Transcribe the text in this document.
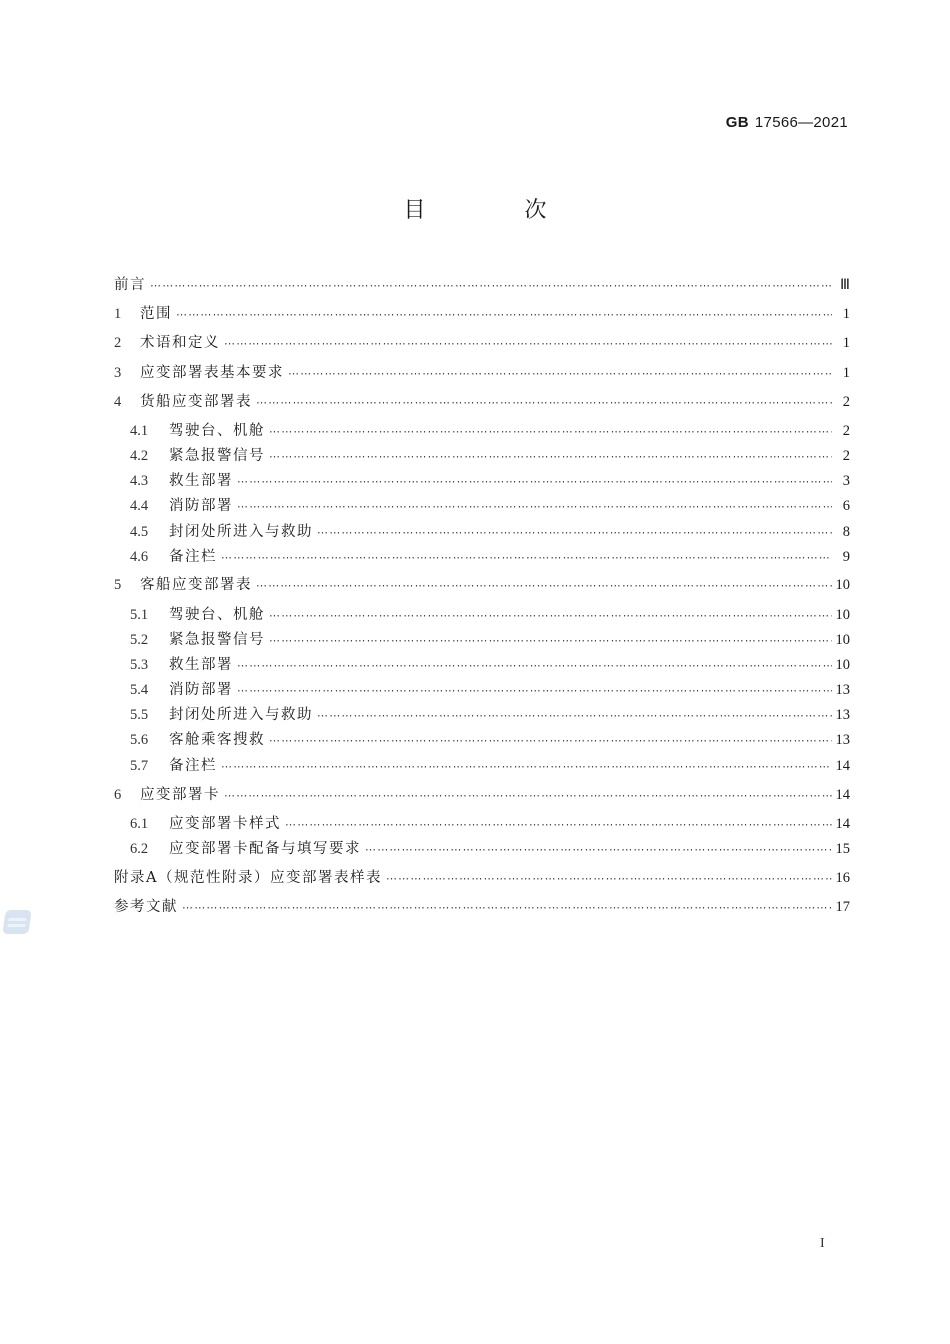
GB 17566—2021
目 次
前言 ⋯⋯⋯⋯⋯⋯⋯⋯⋯⋯⋯⋯⋯⋯⋯⋯⋯⋯⋯⋯⋯⋯⋯⋯⋯⋯⋯⋯⋯⋯⋯⋯⋯⋯⋯⋯⋯⋯⋯⋯⋯⋯⋯⋯⋯⋯⋯⋯⋯⋯⋯⋯⋯⋯⋯⋯⋯⋯⋯⋯⋯⋯⋯⋯⋯⋯⋯⋯⋯⋯⋯⋯⋯⋯⋯⋯⋯⋯⋯⋯⋯⋯⋯⋯⋯⋯⋯⋯⋯⋯⋯⋯⋯⋯⋯⋯⋯⋯⋯⋯⋯⋯⋯⋯⋯⋯⋯⋯⋯⋯	Ⅲ
1	范围 ⋯⋯⋯⋯⋯⋯⋯⋯⋯⋯⋯⋯⋯⋯⋯⋯⋯⋯⋯⋯⋯⋯⋯⋯⋯⋯⋯⋯⋯⋯⋯⋯⋯⋯⋯⋯⋯⋯⋯⋯⋯⋯⋯⋯⋯⋯⋯⋯⋯⋯⋯⋯⋯⋯⋯⋯⋯⋯⋯⋯⋯⋯⋯⋯⋯⋯⋯⋯⋯⋯⋯⋯⋯⋯⋯⋯⋯⋯⋯⋯⋯⋯⋯⋯⋯⋯⋯⋯⋯⋯⋯⋯⋯⋯⋯⋯⋯⋯⋯⋯⋯⋯⋯⋯⋯⋯⋯⋯⋯⋯	1
2	术语和定义 ⋯⋯⋯⋯⋯⋯⋯⋯⋯⋯⋯⋯⋯⋯⋯⋯⋯⋯⋯⋯⋯⋯⋯⋯⋯⋯⋯⋯⋯⋯⋯⋯⋯⋯⋯⋯⋯⋯⋯⋯⋯⋯⋯⋯⋯⋯⋯⋯⋯⋯⋯⋯⋯⋯⋯⋯⋯⋯⋯⋯⋯⋯⋯⋯⋯⋯⋯⋯⋯⋯⋯⋯⋯⋯⋯⋯⋯⋯⋯⋯⋯⋯⋯⋯⋯⋯⋯⋯⋯⋯⋯⋯⋯⋯⋯⋯⋯⋯⋯⋯⋯⋯⋯⋯⋯⋯⋯⋯⋯⋯	1
3	应变部署表基本要求 ⋯⋯⋯⋯⋯⋯⋯⋯⋯⋯⋯⋯⋯⋯⋯⋯⋯⋯⋯⋯⋯⋯⋯⋯⋯⋯⋯⋯⋯⋯⋯⋯⋯⋯⋯⋯⋯⋯⋯⋯⋯⋯⋯⋯⋯⋯⋯⋯⋯⋯⋯⋯⋯⋯⋯⋯⋯⋯⋯⋯⋯⋯⋯⋯⋯⋯⋯⋯⋯⋯⋯⋯⋯⋯⋯⋯⋯⋯⋯⋯⋯⋯⋯⋯⋯⋯⋯⋯⋯⋯⋯⋯⋯⋯⋯⋯⋯⋯⋯⋯⋯⋯⋯⋯⋯⋯⋯⋯⋯⋯	1
4	货船应变部署表 ⋯⋯⋯⋯⋯⋯⋯⋯⋯⋯⋯⋯⋯⋯⋯⋯⋯⋯⋯⋯⋯⋯⋯⋯⋯⋯⋯⋯⋯⋯⋯⋯⋯⋯⋯⋯⋯⋯⋯⋯⋯⋯⋯⋯⋯⋯⋯⋯⋯⋯⋯⋯⋯⋯⋯⋯⋯⋯⋯⋯⋯⋯⋯⋯⋯⋯⋯⋯⋯⋯⋯⋯⋯⋯⋯⋯⋯⋯⋯⋯⋯⋯⋯⋯⋯⋯⋯⋯⋯⋯⋯⋯⋯⋯⋯⋯⋯⋯⋯⋯⋯⋯⋯⋯⋯⋯⋯⋯⋯⋯	2
4.1	驾驶台、机舱 ⋯⋯⋯⋯⋯⋯⋯⋯⋯⋯⋯⋯⋯⋯⋯⋯⋯⋯⋯⋯⋯⋯⋯⋯⋯⋯⋯⋯⋯⋯⋯⋯⋯⋯⋯⋯⋯⋯⋯⋯⋯⋯⋯⋯⋯⋯⋯⋯⋯⋯⋯⋯⋯⋯⋯⋯⋯⋯⋯⋯⋯⋯⋯⋯⋯⋯⋯⋯⋯⋯⋯⋯⋯⋯⋯⋯⋯⋯⋯⋯⋯⋯⋯⋯⋯⋯⋯⋯⋯⋯⋯⋯⋯⋯⋯⋯⋯⋯⋯⋯⋯⋯⋯⋯⋯⋯⋯⋯⋯⋯	2
4.2	紧急报警信号 ⋯⋯⋯⋯⋯⋯⋯⋯⋯⋯⋯⋯⋯⋯⋯⋯⋯⋯⋯⋯⋯⋯⋯⋯⋯⋯⋯⋯⋯⋯⋯⋯⋯⋯⋯⋯⋯⋯⋯⋯⋯⋯⋯⋯⋯⋯⋯⋯⋯⋯⋯⋯⋯⋯⋯⋯⋯⋯⋯⋯⋯⋯⋯⋯⋯⋯⋯⋯⋯⋯⋯⋯⋯⋯⋯⋯⋯⋯⋯⋯⋯⋯⋯⋯⋯⋯⋯⋯⋯⋯⋯⋯⋯⋯⋯⋯⋯⋯⋯⋯⋯⋯⋯⋯⋯⋯⋯⋯⋯⋯	2
4.3	救生部署 ⋯⋯⋯⋯⋯⋯⋯⋯⋯⋯⋯⋯⋯⋯⋯⋯⋯⋯⋯⋯⋯⋯⋯⋯⋯⋯⋯⋯⋯⋯⋯⋯⋯⋯⋯⋯⋯⋯⋯⋯⋯⋯⋯⋯⋯⋯⋯⋯⋯⋯⋯⋯⋯⋯⋯⋯⋯⋯⋯⋯⋯⋯⋯⋯⋯⋯⋯⋯⋯⋯⋯⋯⋯⋯⋯⋯⋯⋯⋯⋯⋯⋯⋯⋯⋯⋯⋯⋯⋯⋯⋯⋯⋯⋯⋯⋯⋯⋯⋯⋯⋯⋯⋯⋯⋯⋯⋯⋯⋯⋯	3
4.4	消防部署 ⋯⋯⋯⋯⋯⋯⋯⋯⋯⋯⋯⋯⋯⋯⋯⋯⋯⋯⋯⋯⋯⋯⋯⋯⋯⋯⋯⋯⋯⋯⋯⋯⋯⋯⋯⋯⋯⋯⋯⋯⋯⋯⋯⋯⋯⋯⋯⋯⋯⋯⋯⋯⋯⋯⋯⋯⋯⋯⋯⋯⋯⋯⋯⋯⋯⋯⋯⋯⋯⋯⋯⋯⋯⋯⋯⋯⋯⋯⋯⋯⋯⋯⋯⋯⋯⋯⋯⋯⋯⋯⋯⋯⋯⋯⋯⋯⋯⋯⋯⋯⋯⋯⋯⋯⋯⋯⋯⋯⋯⋯	6
4.5	封闭处所进入与救助 ⋯⋯⋯⋯⋯⋯⋯⋯⋯⋯⋯⋯⋯⋯⋯⋯⋯⋯⋯⋯⋯⋯⋯⋯⋯⋯⋯⋯⋯⋯⋯⋯⋯⋯⋯⋯⋯⋯⋯⋯⋯⋯⋯⋯⋯⋯⋯⋯⋯⋯⋯⋯⋯⋯⋯⋯⋯⋯⋯⋯⋯⋯⋯⋯⋯⋯⋯⋯⋯⋯⋯⋯⋯⋯⋯⋯⋯⋯⋯⋯⋯⋯⋯⋯⋯⋯⋯⋯⋯⋯⋯⋯⋯⋯⋯⋯⋯⋯⋯⋯⋯⋯⋯⋯⋯⋯⋯⋯⋯⋯	8
4.6	备注栏 ⋯⋯⋯⋯⋯⋯⋯⋯⋯⋯⋯⋯⋯⋯⋯⋯⋯⋯⋯⋯⋯⋯⋯⋯⋯⋯⋯⋯⋯⋯⋯⋯⋯⋯⋯⋯⋯⋯⋯⋯⋯⋯⋯⋯⋯⋯⋯⋯⋯⋯⋯⋯⋯⋯⋯⋯⋯⋯⋯⋯⋯⋯⋯⋯⋯⋯⋯⋯⋯⋯⋯⋯⋯⋯⋯⋯⋯⋯⋯⋯⋯⋯⋯⋯⋯⋯⋯⋯⋯⋯⋯⋯⋯⋯⋯⋯⋯⋯⋯⋯⋯⋯⋯⋯⋯⋯⋯⋯⋯⋯	9
5	客船应变部署表 ⋯⋯⋯⋯⋯⋯⋯⋯⋯⋯⋯⋯⋯⋯⋯⋯⋯⋯⋯⋯⋯⋯⋯⋯⋯⋯⋯⋯⋯⋯⋯⋯⋯⋯⋯⋯⋯⋯⋯⋯⋯⋯⋯⋯⋯⋯⋯⋯⋯⋯⋯⋯⋯⋯⋯⋯⋯⋯⋯⋯⋯⋯⋯⋯⋯⋯⋯⋯⋯⋯⋯⋯⋯⋯⋯⋯⋯⋯⋯⋯⋯⋯⋯⋯⋯⋯⋯⋯⋯⋯⋯⋯⋯⋯⋯⋯⋯⋯⋯⋯⋯⋯⋯⋯⋯⋯⋯⋯⋯⋯	10
5.1	驾驶台、机舱 ⋯⋯⋯⋯⋯⋯⋯⋯⋯⋯⋯⋯⋯⋯⋯⋯⋯⋯⋯⋯⋯⋯⋯⋯⋯⋯⋯⋯⋯⋯⋯⋯⋯⋯⋯⋯⋯⋯⋯⋯⋯⋯⋯⋯⋯⋯⋯⋯⋯⋯⋯⋯⋯⋯⋯⋯⋯⋯⋯⋯⋯⋯⋯⋯⋯⋯⋯⋯⋯⋯⋯⋯⋯⋯⋯⋯⋯⋯⋯⋯⋯⋯⋯⋯⋯⋯⋯⋯⋯⋯⋯⋯⋯⋯⋯⋯⋯⋯⋯⋯⋯⋯⋯⋯⋯⋯⋯⋯⋯⋯	10
5.2	紧急报警信号 ⋯⋯⋯⋯⋯⋯⋯⋯⋯⋯⋯⋯⋯⋯⋯⋯⋯⋯⋯⋯⋯⋯⋯⋯⋯⋯⋯⋯⋯⋯⋯⋯⋯⋯⋯⋯⋯⋯⋯⋯⋯⋯⋯⋯⋯⋯⋯⋯⋯⋯⋯⋯⋯⋯⋯⋯⋯⋯⋯⋯⋯⋯⋯⋯⋯⋯⋯⋯⋯⋯⋯⋯⋯⋯⋯⋯⋯⋯⋯⋯⋯⋯⋯⋯⋯⋯⋯⋯⋯⋯⋯⋯⋯⋯⋯⋯⋯⋯⋯⋯⋯⋯⋯⋯⋯⋯⋯⋯⋯⋯	10
5.3	救生部署 ⋯⋯⋯⋯⋯⋯⋯⋯⋯⋯⋯⋯⋯⋯⋯⋯⋯⋯⋯⋯⋯⋯⋯⋯⋯⋯⋯⋯⋯⋯⋯⋯⋯⋯⋯⋯⋯⋯⋯⋯⋯⋯⋯⋯⋯⋯⋯⋯⋯⋯⋯⋯⋯⋯⋯⋯⋯⋯⋯⋯⋯⋯⋯⋯⋯⋯⋯⋯⋯⋯⋯⋯⋯⋯⋯⋯⋯⋯⋯⋯⋯⋯⋯⋯⋯⋯⋯⋯⋯⋯⋯⋯⋯⋯⋯⋯⋯⋯⋯⋯⋯⋯⋯⋯⋯⋯⋯⋯⋯⋯	10
5.4	消防部署 ⋯⋯⋯⋯⋯⋯⋯⋯⋯⋯⋯⋯⋯⋯⋯⋯⋯⋯⋯⋯⋯⋯⋯⋯⋯⋯⋯⋯⋯⋯⋯⋯⋯⋯⋯⋯⋯⋯⋯⋯⋯⋯⋯⋯⋯⋯⋯⋯⋯⋯⋯⋯⋯⋯⋯⋯⋯⋯⋯⋯⋯⋯⋯⋯⋯⋯⋯⋯⋯⋯⋯⋯⋯⋯⋯⋯⋯⋯⋯⋯⋯⋯⋯⋯⋯⋯⋯⋯⋯⋯⋯⋯⋯⋯⋯⋯⋯⋯⋯⋯⋯⋯⋯⋯⋯⋯⋯⋯⋯⋯	13
5.5	封闭处所进入与救助 ⋯⋯⋯⋯⋯⋯⋯⋯⋯⋯⋯⋯⋯⋯⋯⋯⋯⋯⋯⋯⋯⋯⋯⋯⋯⋯⋯⋯⋯⋯⋯⋯⋯⋯⋯⋯⋯⋯⋯⋯⋯⋯⋯⋯⋯⋯⋯⋯⋯⋯⋯⋯⋯⋯⋯⋯⋯⋯⋯⋯⋯⋯⋯⋯⋯⋯⋯⋯⋯⋯⋯⋯⋯⋯⋯⋯⋯⋯⋯⋯⋯⋯⋯⋯⋯⋯⋯⋯⋯⋯⋯⋯⋯⋯⋯⋯⋯⋯⋯⋯⋯⋯⋯⋯⋯⋯⋯⋯⋯⋯	13
5.6	客舱乘客搜救 ⋯⋯⋯⋯⋯⋯⋯⋯⋯⋯⋯⋯⋯⋯⋯⋯⋯⋯⋯⋯⋯⋯⋯⋯⋯⋯⋯⋯⋯⋯⋯⋯⋯⋯⋯⋯⋯⋯⋯⋯⋯⋯⋯⋯⋯⋯⋯⋯⋯⋯⋯⋯⋯⋯⋯⋯⋯⋯⋯⋯⋯⋯⋯⋯⋯⋯⋯⋯⋯⋯⋯⋯⋯⋯⋯⋯⋯⋯⋯⋯⋯⋯⋯⋯⋯⋯⋯⋯⋯⋯⋯⋯⋯⋯⋯⋯⋯⋯⋯⋯⋯⋯⋯⋯⋯⋯⋯⋯⋯⋯	13
5.7	备注栏 ⋯⋯⋯⋯⋯⋯⋯⋯⋯⋯⋯⋯⋯⋯⋯⋯⋯⋯⋯⋯⋯⋯⋯⋯⋯⋯⋯⋯⋯⋯⋯⋯⋯⋯⋯⋯⋯⋯⋯⋯⋯⋯⋯⋯⋯⋯⋯⋯⋯⋯⋯⋯⋯⋯⋯⋯⋯⋯⋯⋯⋯⋯⋯⋯⋯⋯⋯⋯⋯⋯⋯⋯⋯⋯⋯⋯⋯⋯⋯⋯⋯⋯⋯⋯⋯⋯⋯⋯⋯⋯⋯⋯⋯⋯⋯⋯⋯⋯⋯⋯⋯⋯⋯⋯⋯⋯⋯⋯⋯⋯	14
6	应变部署卡 ⋯⋯⋯⋯⋯⋯⋯⋯⋯⋯⋯⋯⋯⋯⋯⋯⋯⋯⋯⋯⋯⋯⋯⋯⋯⋯⋯⋯⋯⋯⋯⋯⋯⋯⋯⋯⋯⋯⋯⋯⋯⋯⋯⋯⋯⋯⋯⋯⋯⋯⋯⋯⋯⋯⋯⋯⋯⋯⋯⋯⋯⋯⋯⋯⋯⋯⋯⋯⋯⋯⋯⋯⋯⋯⋯⋯⋯⋯⋯⋯⋯⋯⋯⋯⋯⋯⋯⋯⋯⋯⋯⋯⋯⋯⋯⋯⋯⋯⋯⋯⋯⋯⋯⋯⋯⋯⋯⋯⋯⋯	14
6.1	应变部署卡样式 ⋯⋯⋯⋯⋯⋯⋯⋯⋯⋯⋯⋯⋯⋯⋯⋯⋯⋯⋯⋯⋯⋯⋯⋯⋯⋯⋯⋯⋯⋯⋯⋯⋯⋯⋯⋯⋯⋯⋯⋯⋯⋯⋯⋯⋯⋯⋯⋯⋯⋯⋯⋯⋯⋯⋯⋯⋯⋯⋯⋯⋯⋯⋯⋯⋯⋯⋯⋯⋯⋯⋯⋯⋯⋯⋯⋯⋯⋯⋯⋯⋯⋯⋯⋯⋯⋯⋯⋯⋯⋯⋯⋯⋯⋯⋯⋯⋯⋯⋯⋯⋯⋯⋯⋯⋯⋯⋯⋯⋯⋯	14
6.2	应变部署卡配备与填写要求 ⋯⋯⋯⋯⋯⋯⋯⋯⋯⋯⋯⋯⋯⋯⋯⋯⋯⋯⋯⋯⋯⋯⋯⋯⋯⋯⋯⋯⋯⋯⋯⋯⋯⋯⋯⋯⋯⋯⋯⋯⋯⋯⋯⋯⋯⋯⋯⋯⋯⋯⋯⋯⋯⋯⋯⋯⋯⋯⋯⋯⋯⋯⋯⋯⋯⋯⋯⋯⋯⋯⋯⋯⋯⋯⋯⋯⋯⋯⋯⋯⋯⋯⋯⋯⋯⋯⋯⋯⋯⋯⋯⋯⋯⋯⋯⋯⋯⋯⋯⋯⋯⋯⋯⋯⋯⋯⋯⋯⋯⋯	15
附录A（规范性附录）应变部署表样表 ⋯⋯⋯⋯⋯⋯⋯⋯⋯⋯⋯⋯⋯⋯⋯⋯⋯⋯⋯⋯⋯⋯⋯⋯⋯⋯⋯⋯⋯⋯⋯⋯⋯⋯⋯⋯⋯⋯⋯⋯⋯⋯⋯⋯⋯⋯⋯⋯⋯⋯⋯⋯⋯⋯⋯⋯⋯⋯⋯⋯⋯⋯⋯⋯⋯⋯⋯⋯⋯⋯⋯⋯⋯⋯⋯⋯⋯⋯⋯⋯⋯⋯⋯⋯⋯⋯⋯⋯⋯⋯⋯⋯⋯⋯⋯⋯⋯⋯⋯⋯⋯⋯⋯⋯⋯⋯⋯⋯⋯⋯	16
参考文献 ⋯⋯⋯⋯⋯⋯⋯⋯⋯⋯⋯⋯⋯⋯⋯⋯⋯⋯⋯⋯⋯⋯⋯⋯⋯⋯⋯⋯⋯⋯⋯⋯⋯⋯⋯⋯⋯⋯⋯⋯⋯⋯⋯⋯⋯⋯⋯⋯⋯⋯⋯⋯⋯⋯⋯⋯⋯⋯⋯⋯⋯⋯⋯⋯⋯⋯⋯⋯⋯⋯⋯⋯⋯⋯⋯⋯⋯⋯⋯⋯⋯⋯⋯⋯⋯⋯⋯⋯⋯⋯⋯⋯⋯⋯⋯⋯⋯⋯⋯⋯⋯⋯⋯⋯⋯⋯⋯⋯⋯⋯	17
I
